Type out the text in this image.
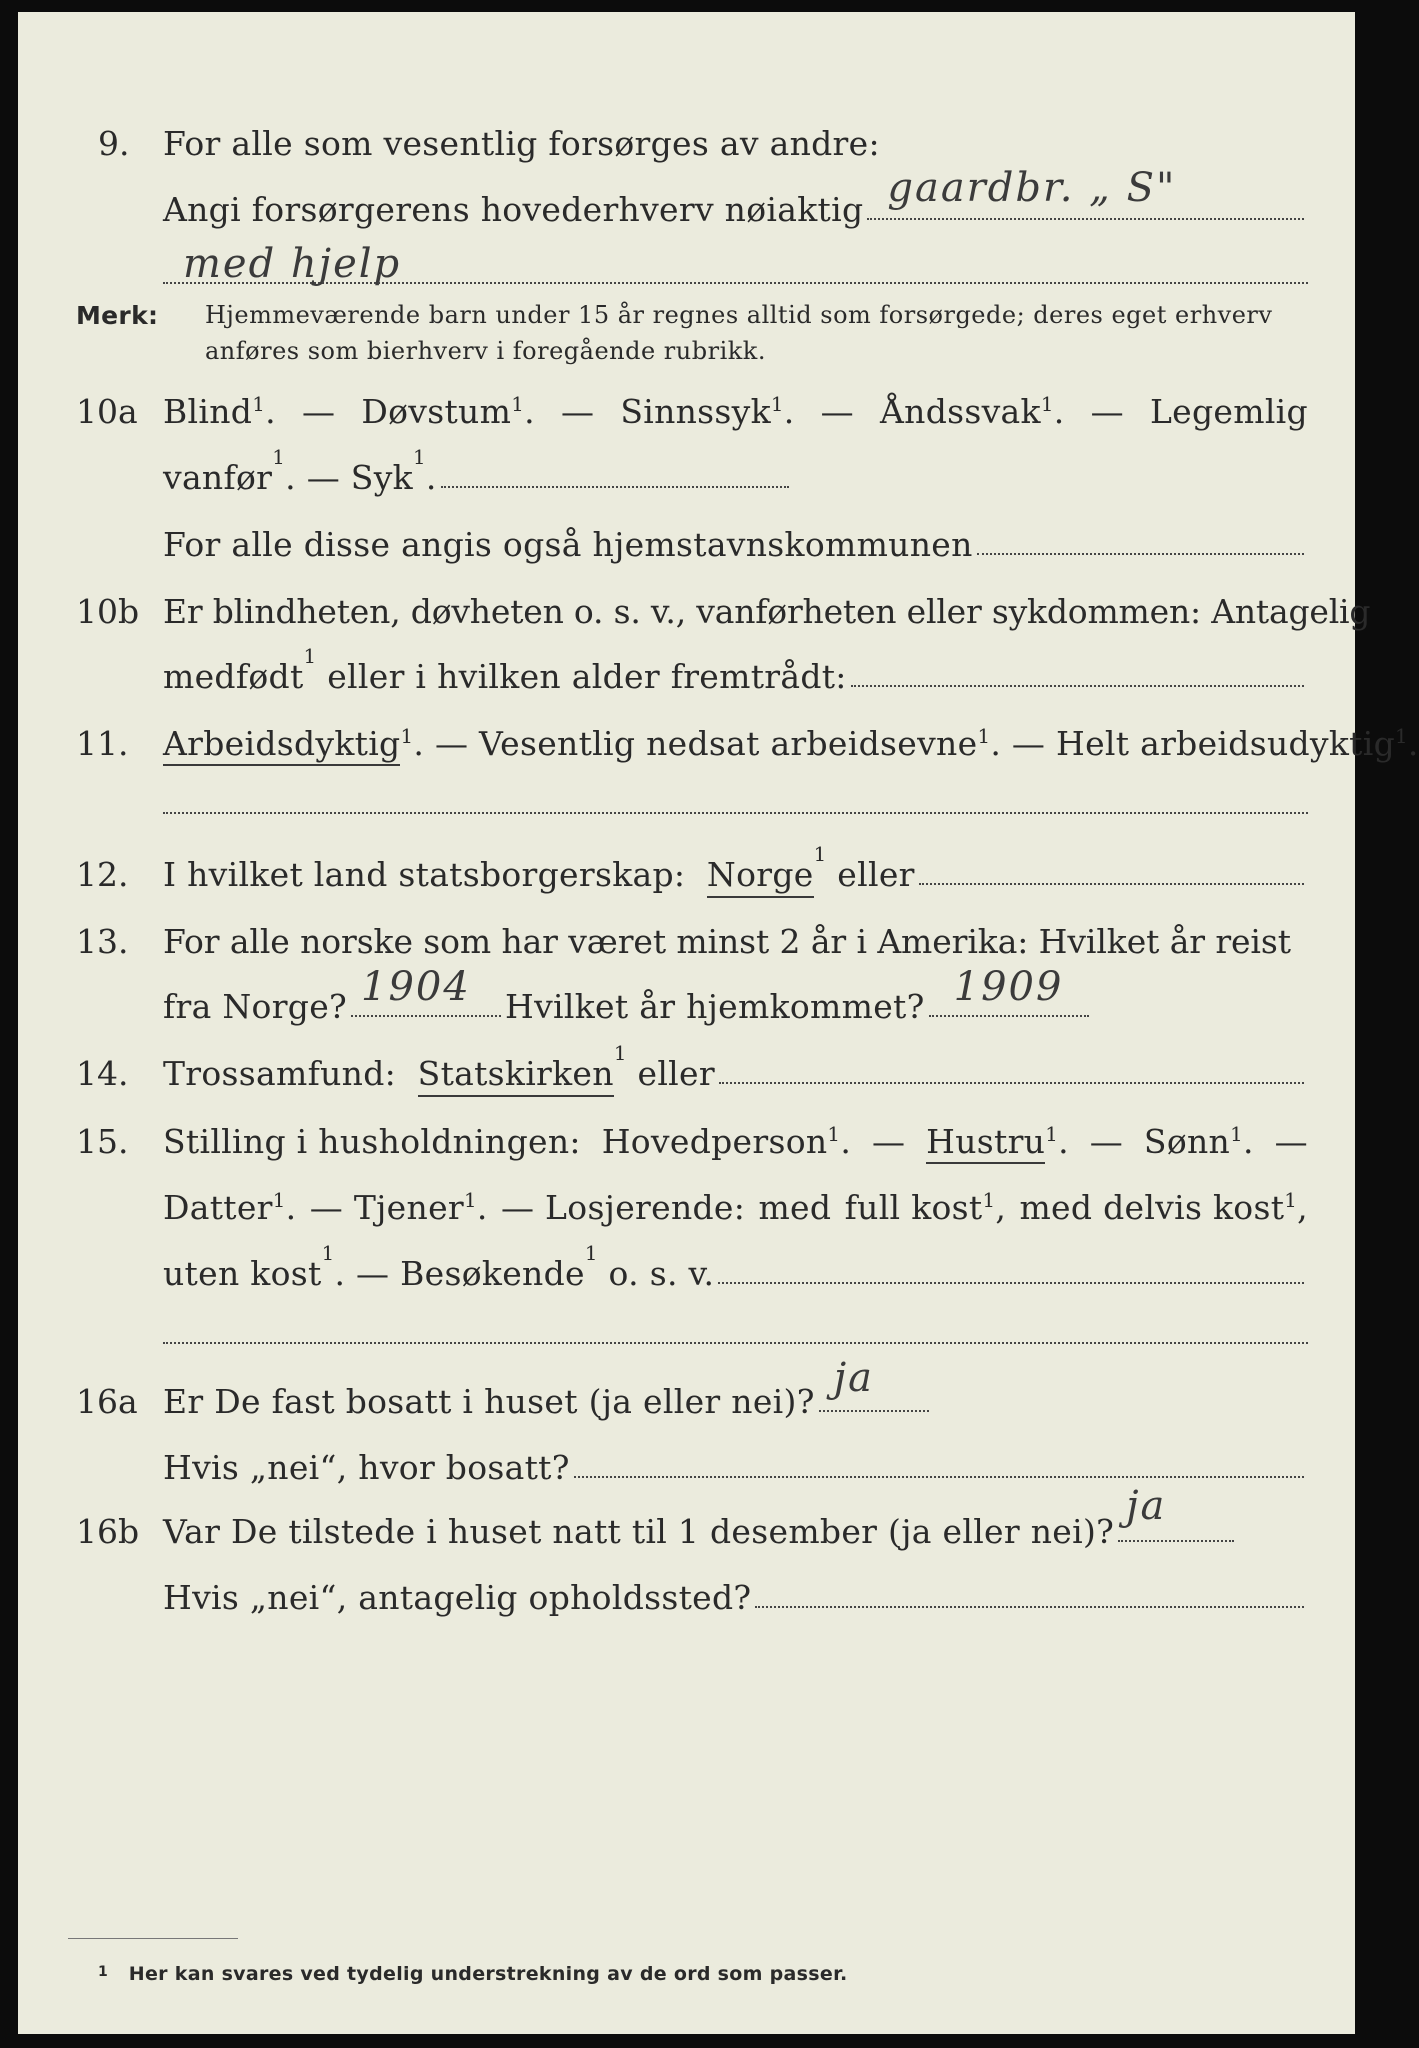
9. For alle som vesentlig forsørges av andre:
Angi forsørgerens hovederhverv nøiaktig gaardbr. „ S"
med hjelp
Merk: Hjemmeværende barn under 15 år regnes alltid som forsørgede; deres eget erhverv
anføres som bierhverv i foregående rubrikk.
10a Blind$^1$. — Døvstum$^1$. — Sinnssyk$^1$. — Åndssvak$^1$. — Legemlig
vanfør
1
. — Syk
1
.
For alle disse angis også hjemstavnskommunen
10b Er blindheten, døvheten o. s. v., vanførheten eller sykdommen: Antagelig
medfødt
1

eller i hvilken alder fremtrådt:
11. Arbeidsdyktig$^1$. — Vesentlig nedsat arbeidsevne$^1$. — Helt arbeidsudyktig$^1$.
12. I hvilket land statsborgerskap:
Norge
1

eller
13. For alle norske som har været minst 2 år i Amerika: Hvilket år reist
fra Norge? 1904 Hvilket år hjemkommet? 1909
14. Trossamfund:
Statskirken
1

eller
15. Stilling i husholdningen: Hovedperson$^1$. — Hustru$^1$. — Sønn$^1$. —
Datter$^1$. — Tjener$^1$. — Losjerende: med full kost$^1$, med delvis kost$^1$,
uten kost
1
. — Besøkende
1

o. s. v.
16a Er De fast bosatt i huset (ja eller nei)?
ja
Hvis „nei“, hvor bosatt?
16b Var De tilstede i huset natt til 1 desember (ja eller nei)?
ja
Hvis „nei“, antagelig opholdssted?
$^1$ Her kan svares ved tydelig understrekning av de ord som passer.
